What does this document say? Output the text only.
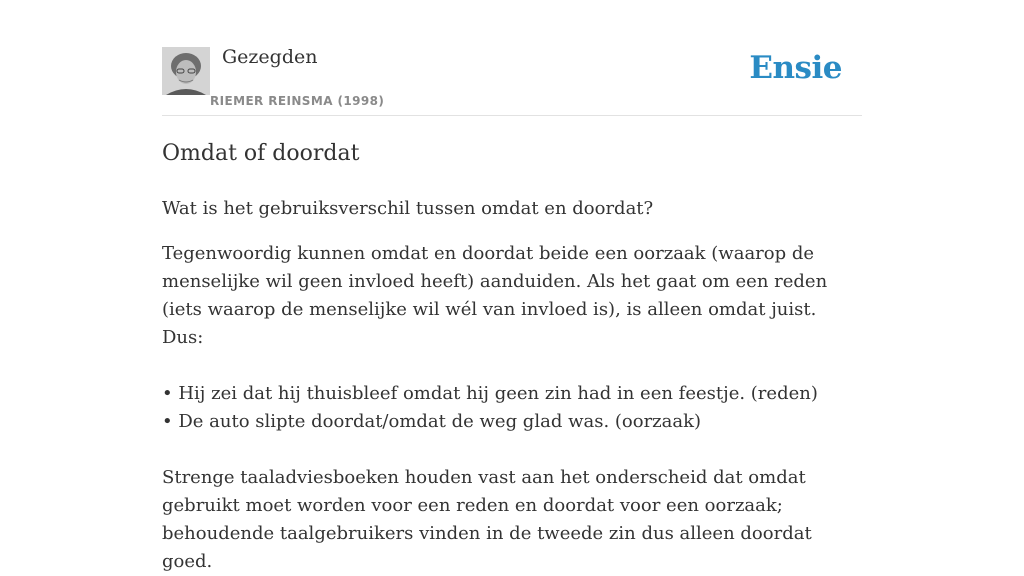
Gezegden
RIEMER REINSMA (1998)
Ensie
Omdat of doordat

Wat is het gebruiksverschil tussen omdat en doordat?

Tegenwoordig kunnen omdat en doordat beide een oorzaak (waarop de menselijke wil geen invloed heeft) aanduiden. Als het gaat om een reden (iets waarop de menselijke wil wél van invloed is), is alleen omdat juist. Dus:
• Hij zei dat hij thuisbleef omdat hij geen zin had in een feestje. (reden)
• De auto slipte doordat/omdat de weg glad was. (oorzaak)
Strenge taaladviesboeken houden vast aan het onderscheid dat omdat gebruikt moet worden voor een reden en doordat voor een oorzaak; behoudende taalgebruikers vinden in de tweede zin dus alleen doordat goed.
